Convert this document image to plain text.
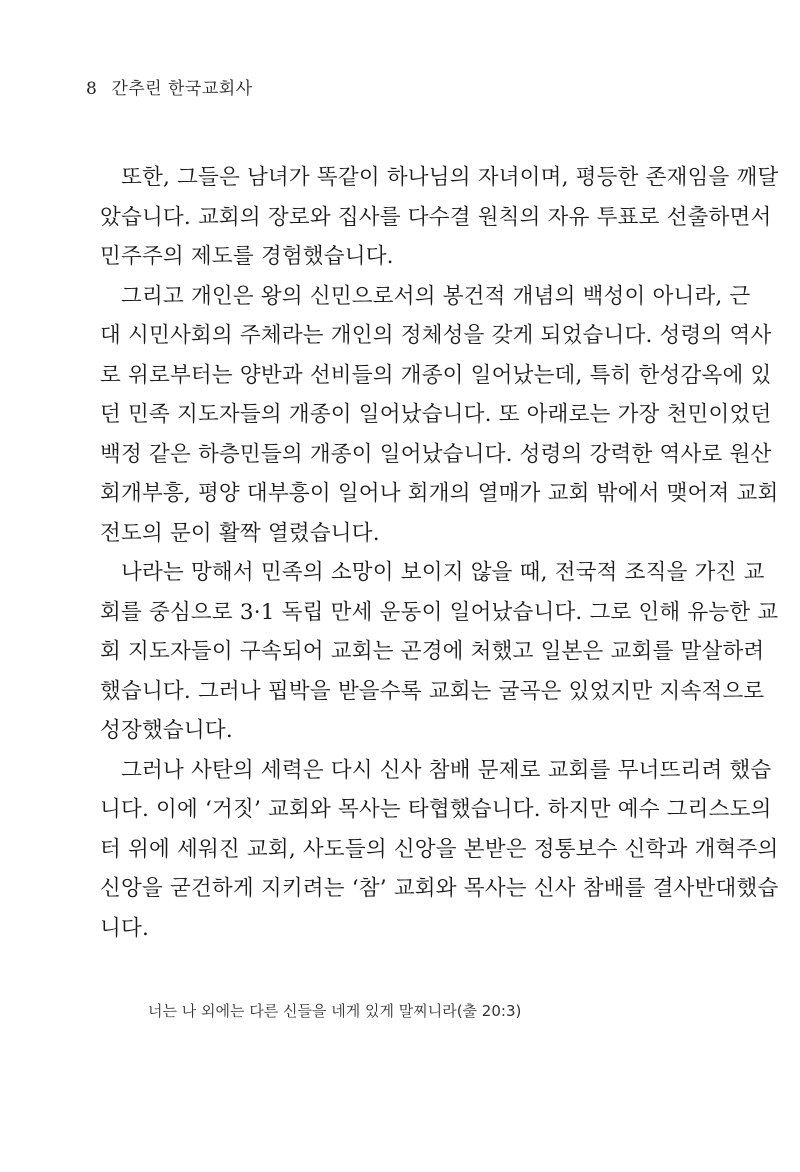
8 간추린 한국교회사
또한, 그들은 남녀가 똑같이 하나님의 자녀이며, 평등한 존재임을 깨달
았습니다. 교회의 장로와 집사를 다수결 원칙의 자유 투표로 선출하면서
민주주의 제도를 경험했습니다.
그리고 개인은 왕의 신민으로서의 봉건적 개념의 백성이 아니라, 근
대 시민사회의 주체라는 개인의 정체성을 갖게 되었습니다. 성령의 역사
로 위로부터는 양반과 선비들의 개종이 일어났는데, 특히 한성감옥에 있
던 민족 지도자들의 개종이 일어났습니다. 또 아래로는 가장 천민이었던
백정 같은 하층민들의 개종이 일어났습니다. 성령의 강력한 역사로 원산
회개부흥, 평양 대부흥이 일어나 회개의 열매가 교회 밖에서 맺어져 교회
전도의 문이 활짝 열렸습니다.
나라는 망해서 민족의 소망이 보이지 않을 때, 전국적 조직을 가진 교
회를 중심으로 3·1 독립 만세 운동이 일어났습니다. 그로 인해 유능한 교
회 지도자들이 구속되어 교회는 곤경에 처했고 일본은 교회를 말살하려
했습니다. 그러나 핍박을 받을수록 교회는 굴곡은 있었지만 지속적으로
성장했습니다.
그러나 사탄의 세력은 다시 신사 참배 문제로 교회를 무너뜨리려 했습
니다. 이에 ‘거짓’ 교회와 목사는 타협했습니다. 하지만 예수 그리스도의
터 위에 세워진 교회, 사도들의 신앙을 본받은 정통보수 신학과 개혁주의
신앙을 굳건하게 지키려는 ‘참’ 교회와 목사는 신사 참배를 결사반대했습
니다.
너는 나 외에는 다른 신들을 네게 있게 말찌니라(출 20:3)
